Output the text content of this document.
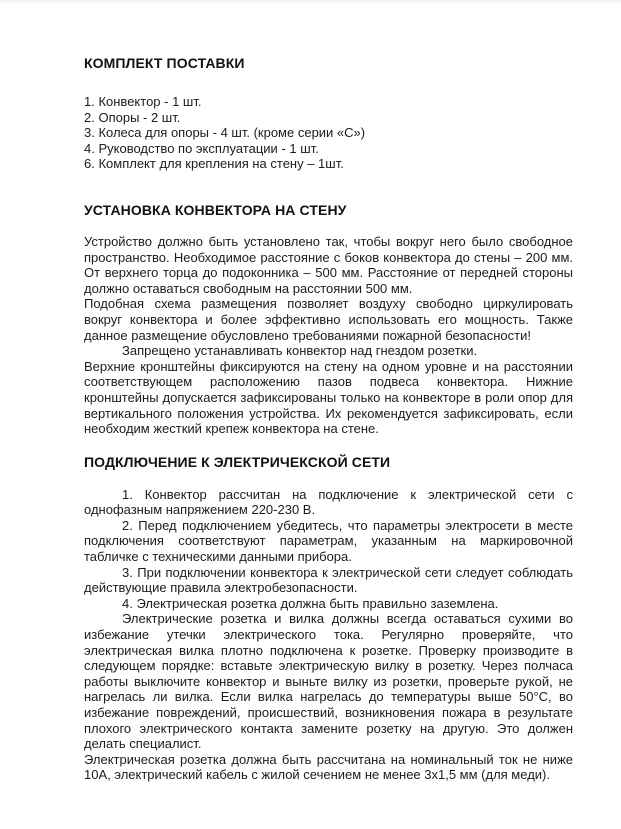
КОМПЛЕКТ ПОСТАВКИ
1. Конвектор - 1 шт.
2. Опоры - 2 шт.
3. Колеса для опоры - 4 шт. (кроме серии «С»)
4. Руководство по эксплуатации - 1 шт.
6. Комплект для крепления на стену – 1шт.
УСТАНОВКА КОНВЕКТОРА НА СТЕНУ

Устройство должно быть установлено так, чтобы вокруг него было свободное пространство. Необходимое расстояние с боков конвектора до стены – 200 мм. От верхнего торца до подоконника – 500 мм. Расстояние от передней стороны должно оставаться свободным на расстоянии 500 мм.

Подобная схема размещения позволяет воздуху свободно циркулировать вокруг конвектора и более эффективно использовать его мощность. Также данное размещение обусловлено требованиями пожарной безопасности!

Запрещено устанавливать конвектор над гнездом розетки.

Верхние кронштейны фиксируются на стену на одном уровне и на расстоянии соответствующем расположению пазов подвеса конвектора. Нижние кронштейны допускается зафиксированы только на конвекторе в роли опор для вертикального положения устройства. Их рекомендуется зафиксировать, если необходим жесткий крепеж конвектора на стене.

ПОДКЛЮЧЕНИЕ К ЭЛЕКТРИЧЕКСКОЙ СЕТИ

1. Конвектор рассчитан на подключение к электрической сети с однофазным напряжением 220-230 В.

2. Перед подключением убедитесь, что параметры электросети в месте подключения соответствуют параметрам, указанным на маркировочной табличке с техническими данными прибора.

3. При подключении конвектора к электрической сети следует соблюдать действующие правила электробезопасности.

4. Электрическая розетка должна быть правильно заземлена.

Электрические розетка и вилка должны всегда оставаться сухими во избежание утечки электрического тока. Регулярно проверяйте, что электрическая вилка плотно подключена к розетке. Проверку производите в следующем порядке: вставьте электрическую вилку в розетку. Через полчаса работы выключите конвектор и выньте вилку из розетки, проверьте рукой, не нагрелась ли вилка. Если вилка нагрелась до температуры выше 50°С, во избежание повреждений, происшествий, возникновения пожара в результате плохого электрического контакта замените розетку на другую. Это должен делать специалист.

Электрическая розетка должна быть рассчитана на номинальный ток не ниже 10А, электрический кабель с жилой сечением не менее 3х1,5 мм (для меди).
